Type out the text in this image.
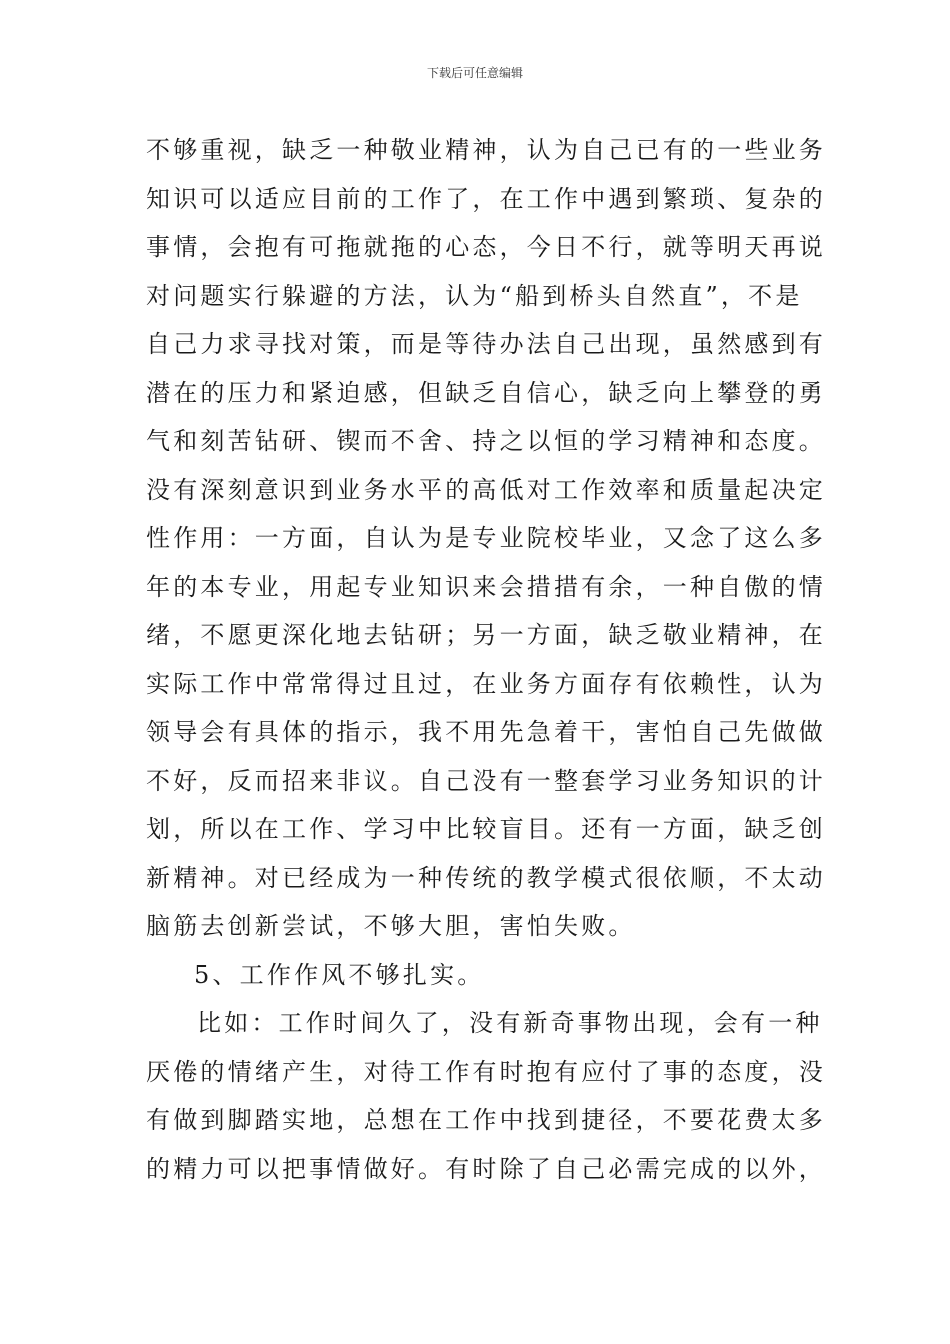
下载后可任意编辑
不够重视，缺乏一种敬业精神，认为自己已有的一些业务
知识可以适应目前的工作了，在工作中遇到繁琐、复杂的
事情，会抱有可拖就拖的心态，今日不行，就等明天再说
对问题实行躲避的方法，认为“船到桥头自然直”，不是
自己力求寻找对策，而是等待办法自己出现，虽然感到有
潜在的压力和紧迫感，但缺乏自信心，缺乏向上攀登的勇
气和刻苦钻研、锲而不舍、持之以恒的学习精神和态度。
没有深刻意识到业务水平的高低对工作效率和质量起决定
性作用：一方面，自认为是专业院校毕业，又念了这么多
年的本专业，用起专业知识来会措措有余，一种自傲的情
绪，不愿更深化地去钻研；另一方面，缺乏敬业精神，在
实际工作中常常得过且过，在业务方面存有依赖性，认为
领导会有具体的指示，我不用先急着干，害怕自己先做做
不好，反而招来非议。自己没有一整套学习业务知识的计
划，所以在工作、学习中比较盲目。还有一方面，缺乏创
新精神。对已经成为一种传统的教学模式很依顺，不太动
脑筋去创新尝试，不够大胆，害怕失败。
5、工作作风不够扎实。
比如：工作时间久了，没有新奇事物出现，会有一种
厌倦的情绪产生，对待工作有时抱有应付了事的态度，没
有做到脚踏实地，总想在工作中找到捷径，不要花费太多
的精力可以把事情做好。有时除了自己必需完成的以外，
